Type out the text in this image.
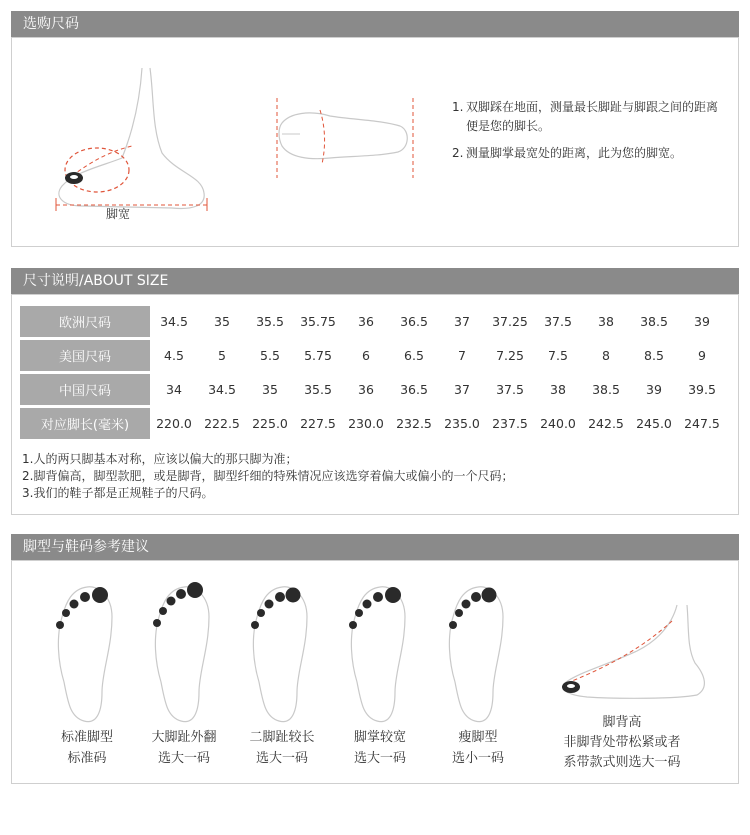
选购尺码
脚宽
1. 双脚踩在地面，测量最长脚趾与脚跟之间的距离便是您的脚长。
2. 测量脚掌最宽处的距离，此为您的脚宽。
尺寸说明/ABOUT SIZE
欧洲尺码	34.5	35	35.5	35.75	36	36.5	37	37.25	37.5	38	38.5	39
美国尺码	4.5	5	5.5	5.75	6	6.5	7	7.25	7.5	8	8.5	9
中国尺码	34	34.5	35	35.5	36	36.5	37	37.5	38	38.5	39	39.5
对应脚长(毫米)	220.0	222.5	225.0	227.5	230.0	232.5	235.0	237.5	240.0	242.5	245.0	247.5
1.人的两只脚基本对称，应该以偏大的那只脚为准；
2.脚背偏高，脚型款肥，或是脚背，脚型纤细的特殊情况应该选穿着偏大或偏小的一个尺码；
3.我们的鞋子都是正规鞋子的尺码。
脚型与鞋码参考建议
标准脚型
标准码
大脚趾外翻
选大一码
二脚趾较长
选大一码
脚掌较宽
选大一码
瘦脚型
选小一码
脚背高
非脚背处带松紧或者
系带款式则选大一码
